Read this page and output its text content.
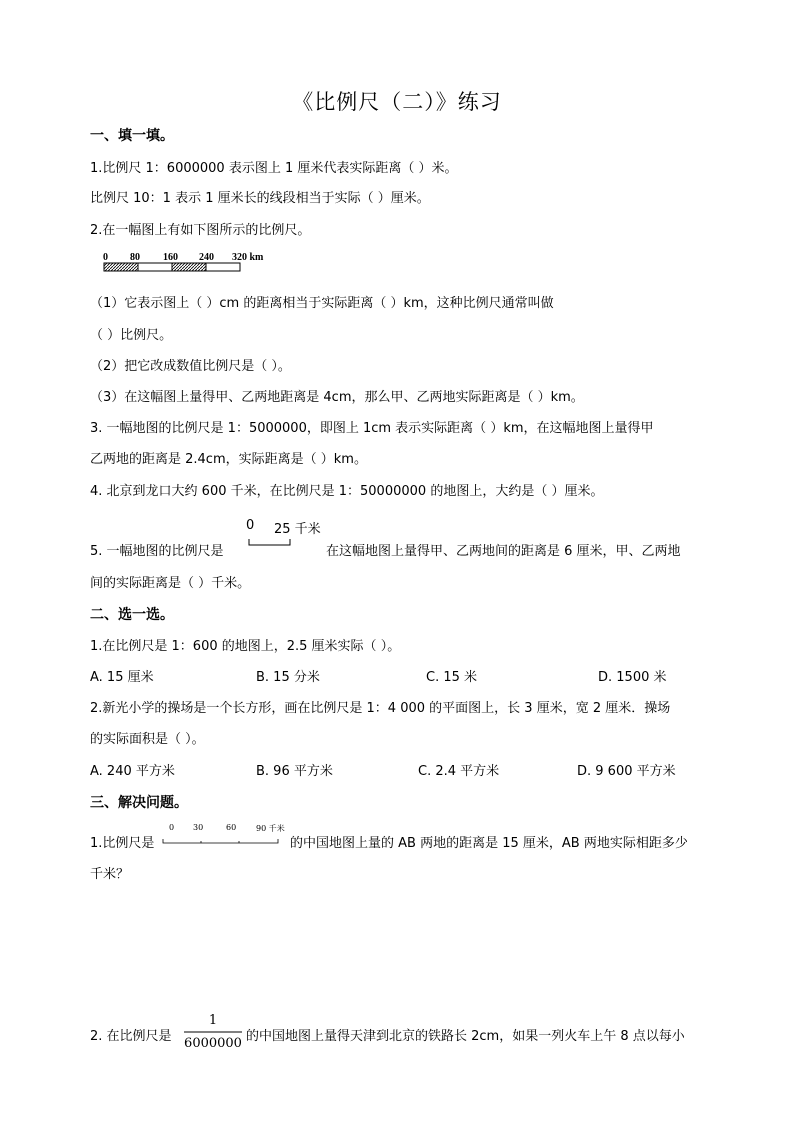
《比例尺（二）》练习
一、填一填。
1.比例尺 1：6000000 表示图上 1 厘米代表实际距离（ ）米。
比例尺 10：1 表示 1 厘米长的线段相当于实际（ ）厘米。
2.在一幅图上有如下图所示的比例尺。
0 80 160 240 320 km
（1）它表示图上（ ）cm 的距离相当于实际距离（ ）km，这种比例尺通常叫做
（ ）比例尺。
（2）把它改成数值比例尺是（ ）。
（3）在这幅图上量得甲、乙两地距离是 4cm，那么甲、乙两地实际距离是（ ）km。
3. 一幅地图的比例尺是 1：5000000，即图上 1cm 表示实际距离（ ）km，在这幅地图上量得甲
乙两地的距离是 2.4cm，实际距离是（ ）km。
4. 北京到龙口大约 600 千米，在比例尺是 1：50000000 的地图上，大约是（ ）厘米。
0 25 千米
5. 一幅地图的比例尺是	在这幅地图上量得甲、乙两地间的距离是 6 厘米，甲、乙两地
间的实际距离是（ ）千米。
二、选一选。
1.在比例尺是 1：600 的地图上，2.5 厘米实际（ ）。
A. 15 厘米	B. 15 分米	C. 15 米	D. 1500 米
2.新光小学的操场是一个长方形，画在比例尺是 1：4 000 的平面图上，长 3 厘米，宽 2 厘米．操场
的实际面积是（ ）。
A. 240 平方米	B. 96 平方米	C. 2.4 平方米	D. 9 600 平方米
三、解决问题。
0 30	60 90 千米
1.比例尺是	的中国地图上量的 AB 两地的距离是 15 厘米，AB 两地实际相距多少
千米？
2. 在比例尺是
1
6000000 的中国地图上量得天津到北京的铁路长 2cm，如果一列火车上午 8 点以每小
